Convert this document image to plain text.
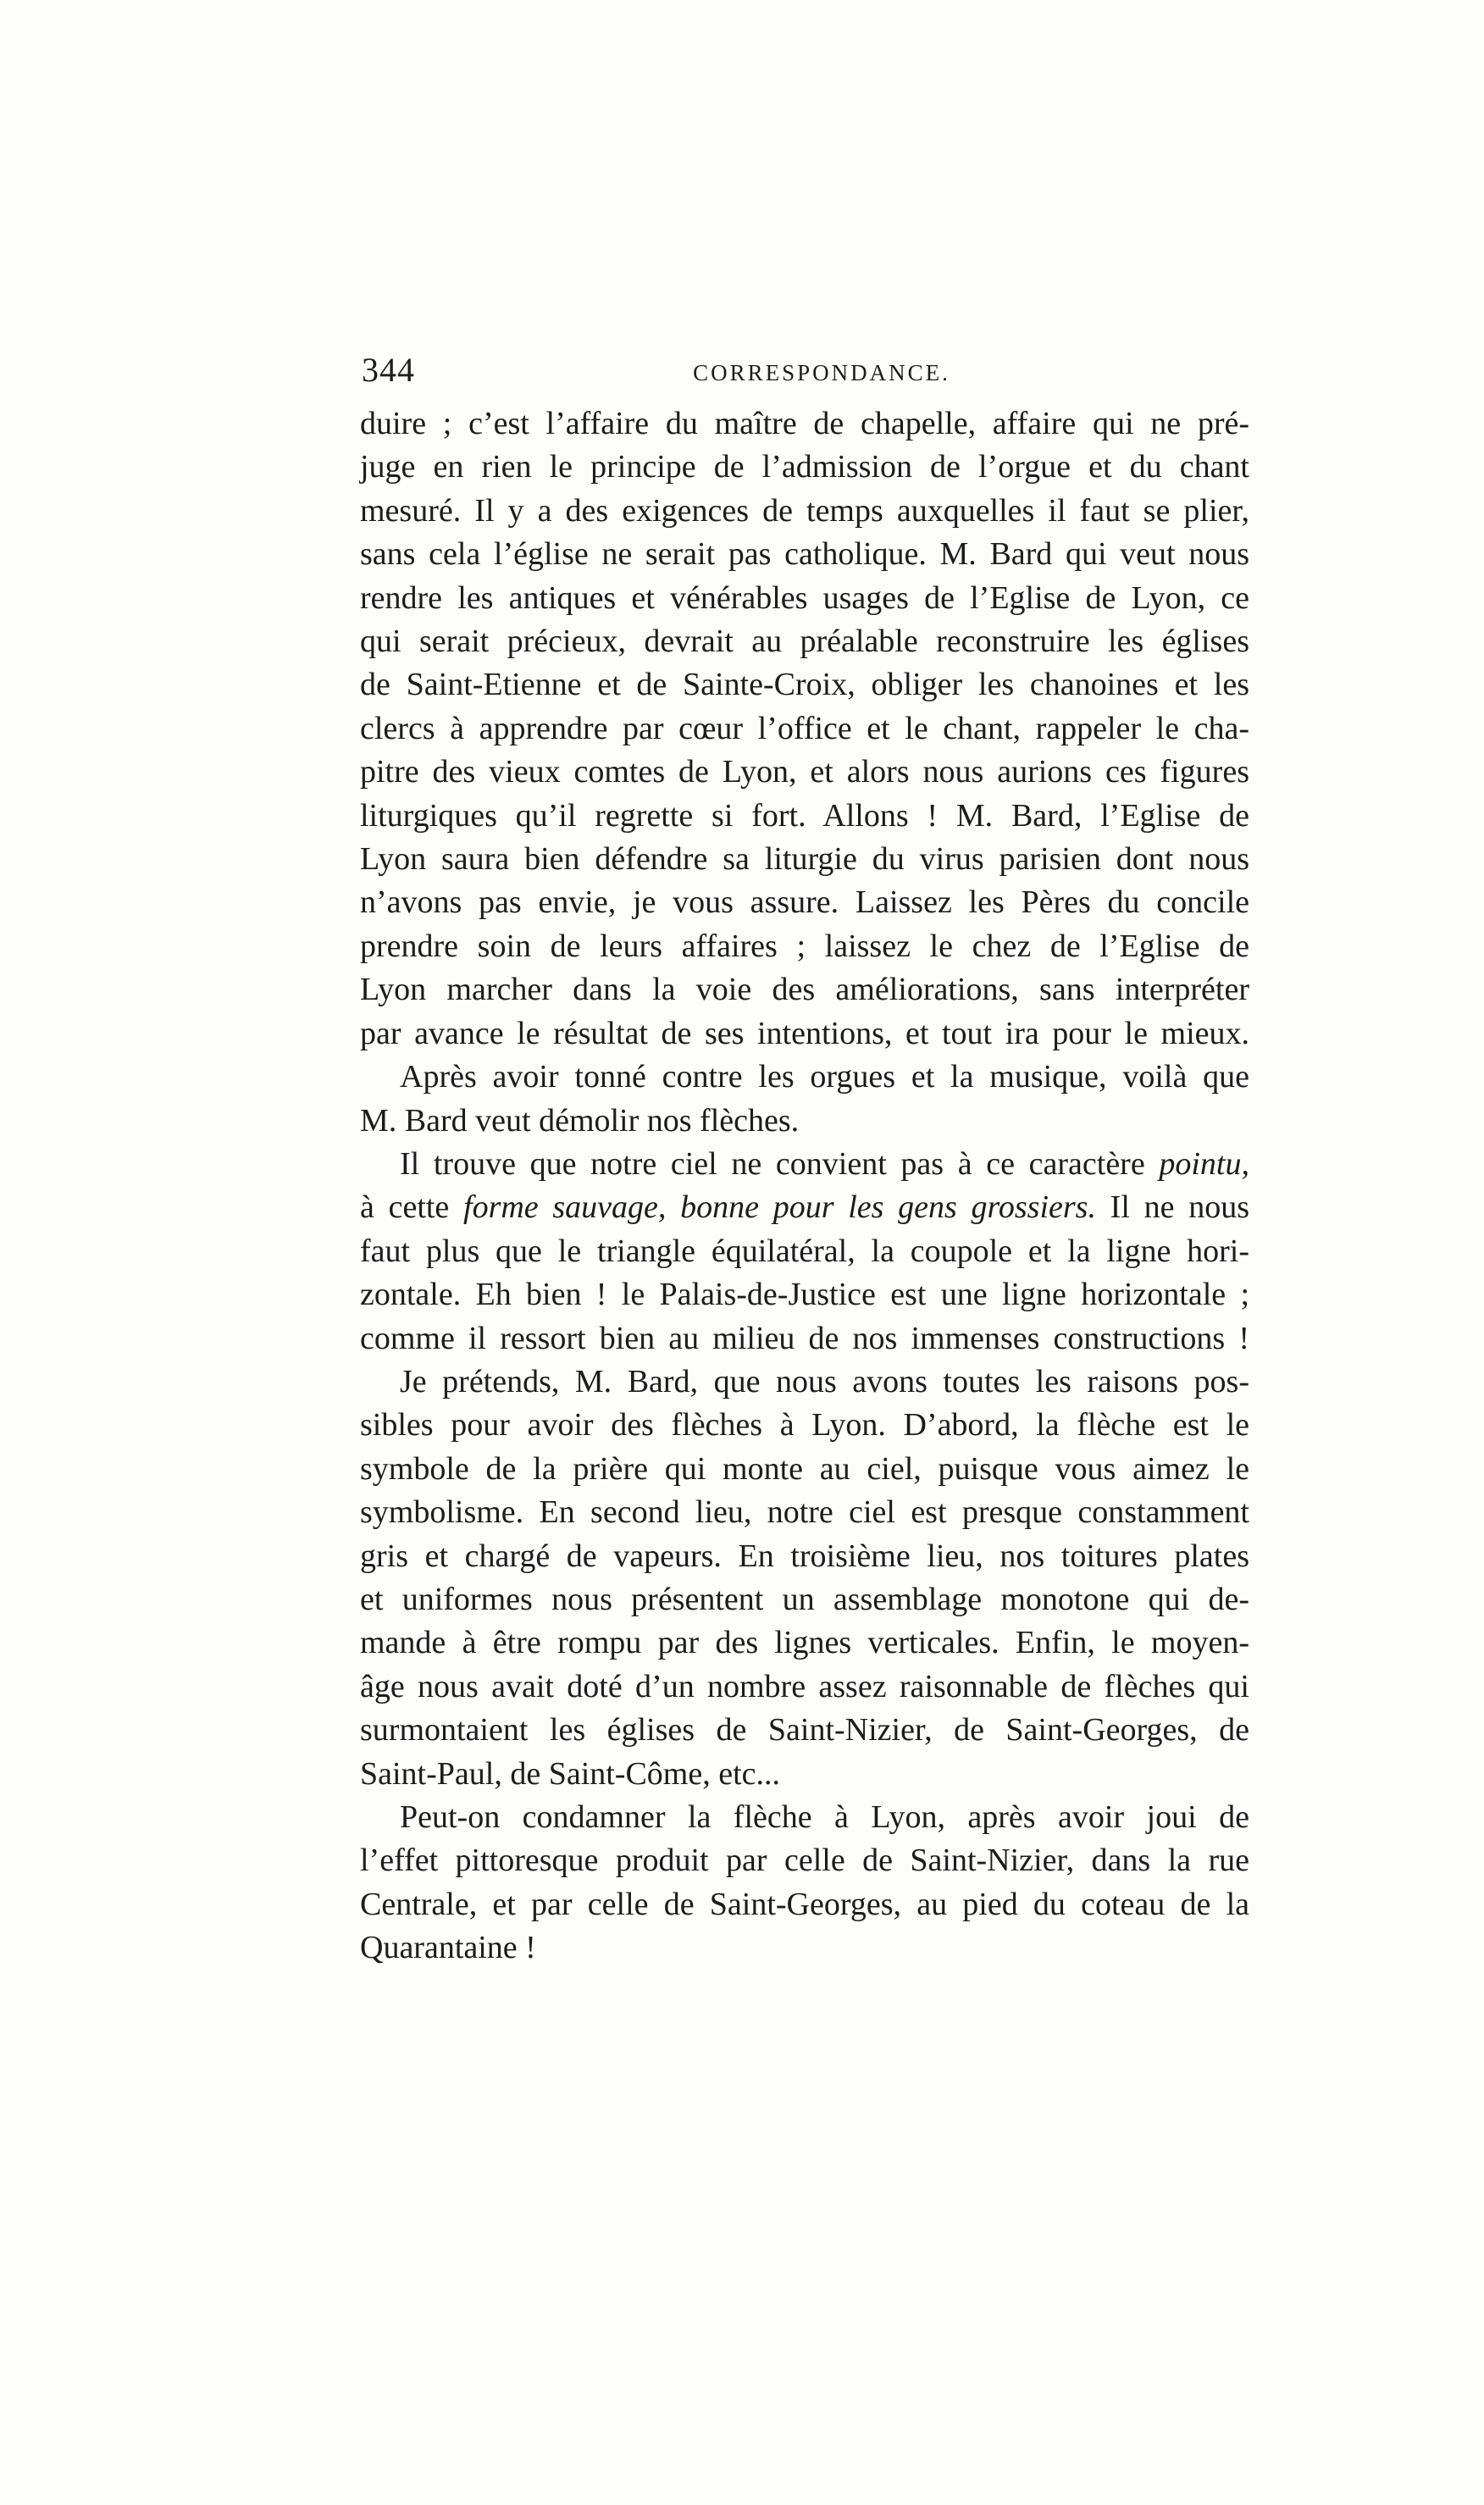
344	CORRESPONDANCE.

duire ; c’est l’affaire du maître de chapelle, affaire qui ne pré-
juge en rien le principe de l’admission de l’orgue et du chant
mesuré. Il y a des exigences de temps auxquelles il faut se plier,
sans cela l’église ne serait pas catholique. M. Bard qui veut nous
rendre les antiques et vénérables usages de l’Eglise de Lyon, ce
qui serait précieux, devrait au préalable reconstruire les églises
de Saint-Etienne et de Sainte-Croix, obliger les chanoines et les
clercs à apprendre par cœur l’office et le chant, rappeler le cha-
pitre des vieux comtes de Lyon, et alors nous aurions ces figures
liturgiques qu’il regrette si fort. Allons ! M. Bard, l’Eglise de
Lyon saura bien défendre sa liturgie du virus parisien dont nous
n’avons pas envie, je vous assure. Laissez les Pères du concile
prendre soin de leurs affaires ; laissez le chez de l’Eglise de
Lyon marcher dans la voie des améliorations, sans interpréter
par avance le résultat de ses intentions, et tout ira pour le mieux.

Après avoir tonné contre les orgues et la musique, voilà que
M. Bard veut démolir nos flèches.

Il trouve que notre ciel ne convient pas à ce caractère pointu,
à cette forme sauvage, bonne pour les gens grossiers. Il ne nous
faut plus que le triangle équilatéral, la coupole et la ligne hori-
zontale. Eh bien ! le Palais-de-Justice est une ligne horizontale ;
comme il ressort bien au milieu de nos immenses constructions !

Je prétends, M. Bard, que nous avons toutes les raisons pos-
sibles pour avoir des flèches à Lyon. D’abord, la flèche est le
symbole de la prière qui monte au ciel, puisque vous aimez le
symbolisme. En second lieu, notre ciel est presque constamment
gris et chargé de vapeurs. En troisième lieu, nos toitures plates
et uniformes nous présentent un assemblage monotone qui de-
mande à être rompu par des lignes verticales. Enfin, le moyen-
âge nous avait doté d’un nombre assez raisonnable de flèches qui
surmontaient les églises de Saint-Nizier, de Saint-Georges, de
Saint-Paul, de Saint-Côme, etc...

Peut-on condamner la flèche à Lyon, après avoir joui de
l’effet pittoresque produit par celle de Saint-Nizier, dans la rue
Centrale, et par celle de Saint-Georges, au pied du coteau de la
Quarantaine !
